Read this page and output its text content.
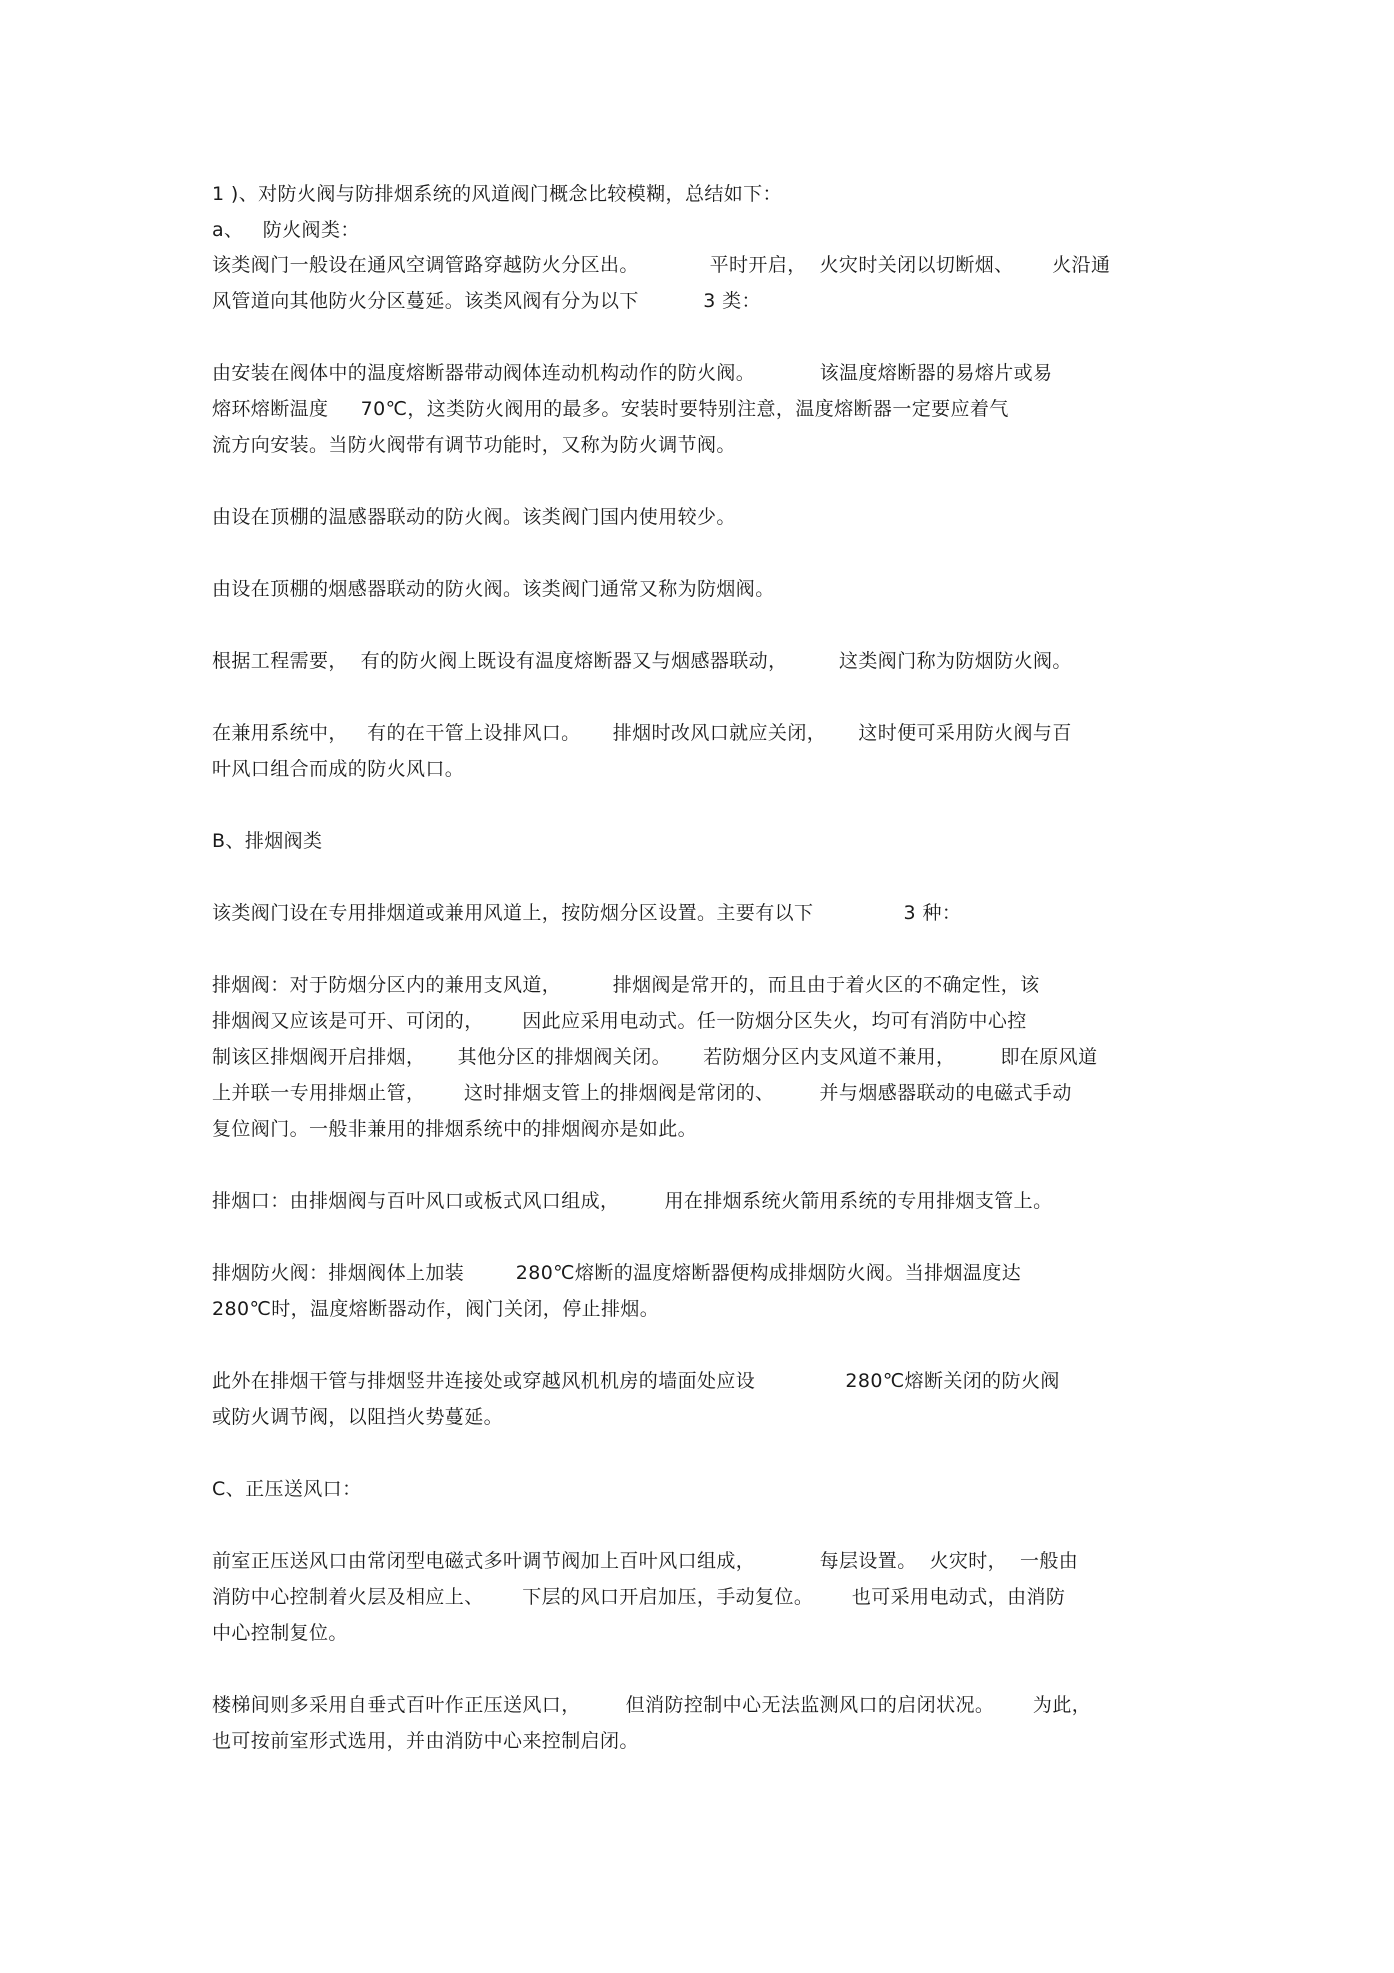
1 )、对防火阀与防排烟系统的风道阀门概念比较模糊，总结如下：
a、   防火阀类：
该类阀门一般设在通风空调管路穿越防火分区出。           平时开启，  火灾时关闭以切断烟、      火沿通
风管道向其他防火分区蔓延。该类风阀有分为以下          3 类：
由安装在阀体中的温度熔断器带动阀体连动机构动作的防火阀。          该温度熔断器的易熔片或易
熔环熔断温度     70℃，这类防火阀用的最多。安装时要特别注意，温度熔断器一定要应着气
流方向安装。当防火阀带有调节功能时，又称为防火调节阀。
由设在顶棚的温感器联动的防火阀。该类阀门国内使用较少。
由设在顶棚的烟感器联动的防火阀。该类阀门通常又称为防烟阀。
根据工程需要，  有的防火阀上既设有温度熔断器又与烟感器联动，        这类阀门称为防烟防火阀。
在兼用系统中，   有的在干管上设排风口。     排烟时改风口就应关闭，     这时便可采用防火阀与百
叶风口组合而成的防火风口。
B、排烟阀类
该类阀门设在专用排烟道或兼用风道上，按防烟分区设置。主要有以下              3 种：
排烟阀：对于防烟分区内的兼用支风道，        排烟阀是常开的，而且由于着火区的不确定性，该
排烟阀又应该是可开、可闭的，      因此应采用电动式。任一防烟分区失火，均可有消防中心控
制该区排烟阀开启排烟，     其他分区的排烟阀关闭。     若防烟分区内支风道不兼用，       即在原风道
上并联一专用排烟止管，      这时排烟支管上的排烟阀是常闭的、       并与烟感器联动的电磁式手动
复位阀门。一般非兼用的排烟系统中的排烟阀亦是如此。
排烟口：由排烟阀与百叶风口或板式风口组成，       用在排烟系统火箭用系统的专用排烟支管上。
排烟防火阀：排烟阀体上加装        280℃熔断的温度熔断器便构成排烟防火阀。当排烟温度达
280℃时，温度熔断器动作，阀门关闭，停止排烟。
此外在排烟干管与排烟竖井连接处或穿越风机机房的墙面处应设              280℃熔断关闭的防火阀
或防火调节阀，以阻挡火势蔓延。
C、正压送风口：
前室正压送风口由常闭型电磁式多叶调节阀加上百叶风口组成，          每层设置。  火灾时，  一般由
消防中心控制着火层及相应上、      下层的风口开启加压，手动复位。      也可采用电动式，由消防
中心控制复位。
楼梯间则多采用自垂式百叶作正压送风口，       但消防控制中心无法监测风口的启闭状况。      为此，
也可按前室形式选用，并由消防中心来控制启闭。
